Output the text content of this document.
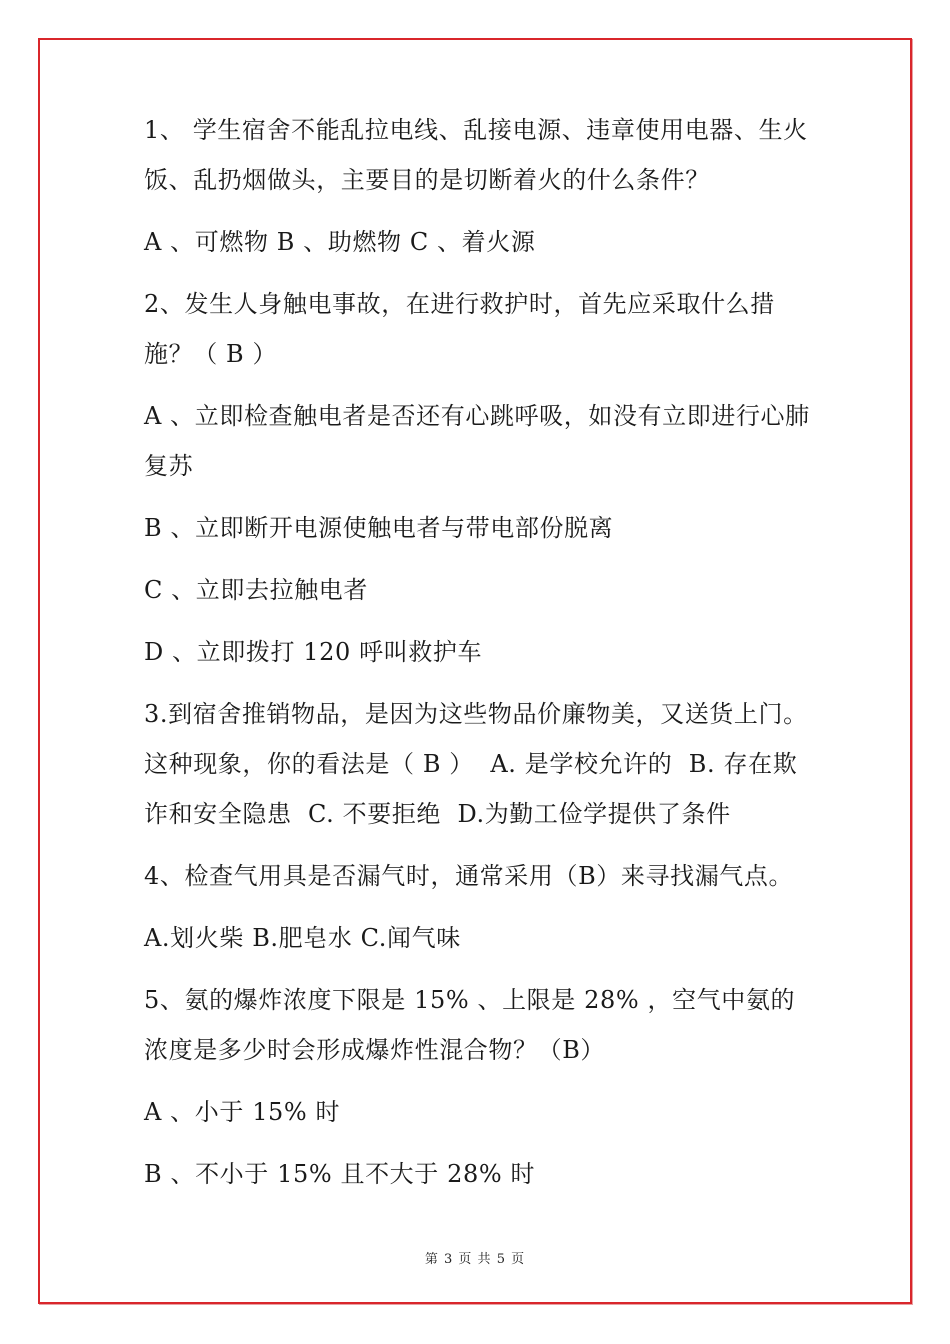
1、 学生宿舍不能乱拉电线、乱接电源、违章使用电器、生火饭、乱扔烟做头，主要目的是切断着火的什么条件？

A 、可燃物 B 、助燃物 C 、着火源

2、发生人身触电事故，在进行救护时，首先应采取什么措施？（ B ）

A 、立即检查触电者是否还有心跳呼吸，如没有立即进行心肺复苏

B 、立即断开电源使触电者与带电部份脱离

C 、立即去拉触电者

D 、立即拨打 120 呼叫救护车

3.到宿舍推销物品，是因为这些物品价廉物美，又送货上门。这种现象，你的看法是（ B ）  A. 是学校允许的  B. 存在欺诈和安全隐患  C. 不要拒绝  D.为勤工俭学提供了条件

4、检查气用具是否漏气时，通常采用（B）来寻找漏气点。

A.划火柴 B.肥皂水 C.闻气味

5、氨的爆炸浓度下限是 15% 、上限是 28% ，空气中氨的浓度是多少时会形成爆炸性混合物？（B）

A 、小于 15% 时

B 、不小于 15% 且不大于 28% 时

第 3 页 共 5 页
